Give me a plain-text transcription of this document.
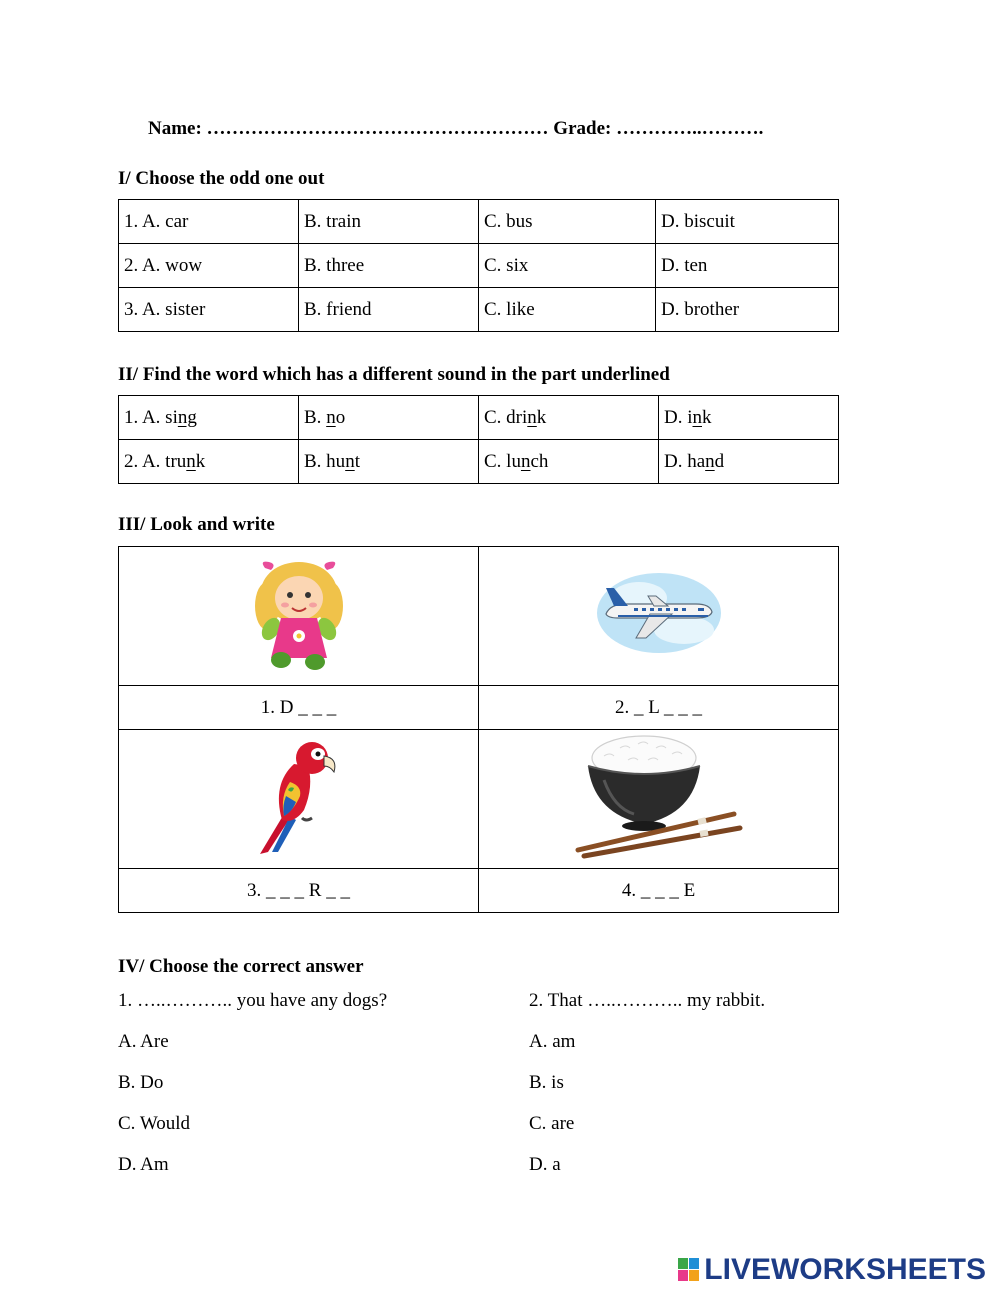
Name: ……………………………………………… Grade: …………..……….
I/ Choose the odd one out
1. A. car	B. train	C. bus	D. biscuit
2. A. wow	B. three	C. six	D. ten
3. A. sister	B. friend	C. like	D. brother
II/ Find the word which has a different sound in the part underlined
1. A. sing	B. no	C. drink	D. ink
2. A. trunk	B. hunt	C. lunch	D. hand
III/ Look and write

1. D _ _ _	2. _ L _ _ _

3. _ _ _ R _ _	4. _ _ _ E
IV/ Choose the correct answer
1. …..……….. you have any dogs?
A. Are
B. Do
C. Would
D. Am
2. That …..……….. my rabbit.
A. am
B. is
C. are
D. a
LIVEWORKSHEETS
